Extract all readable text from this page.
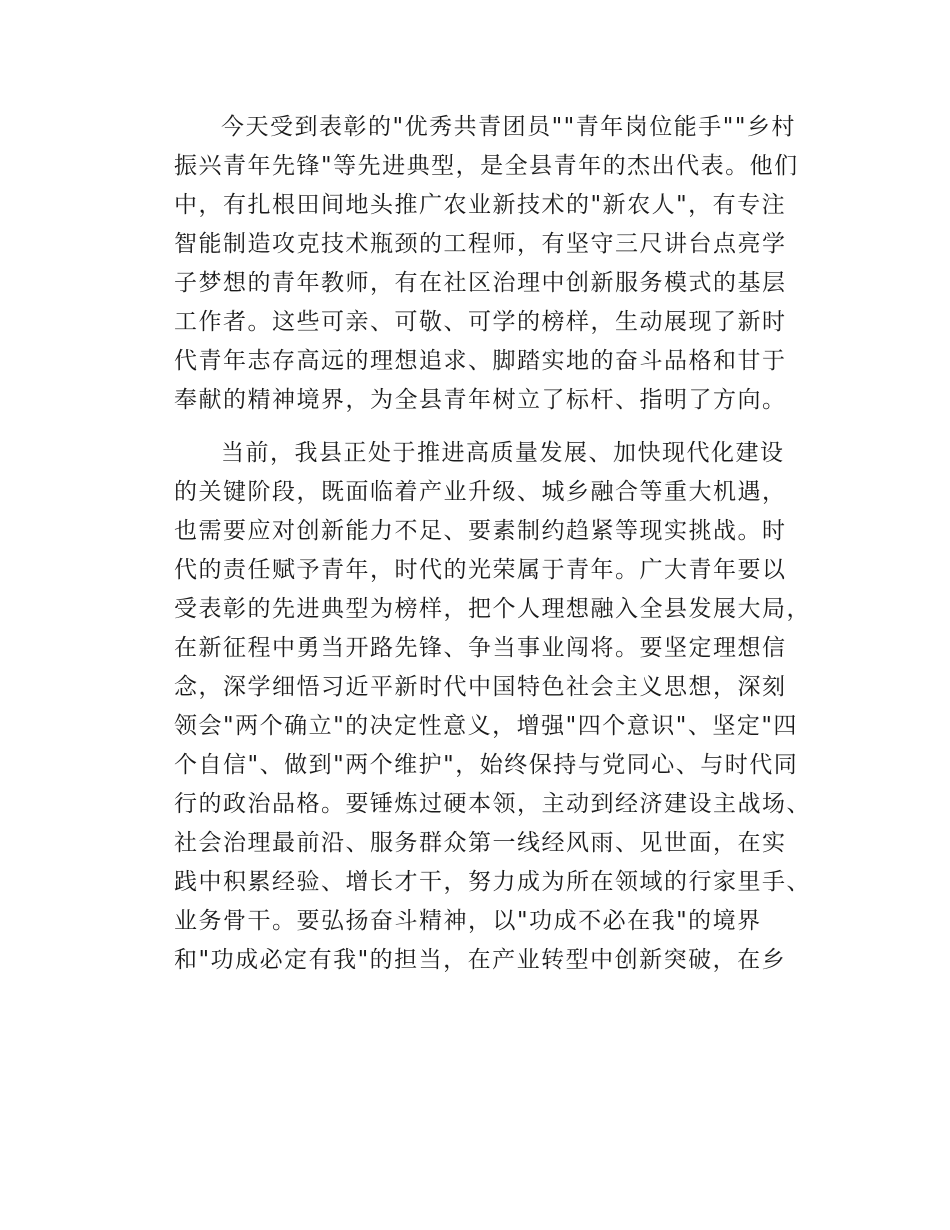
今天受到表彰的"优秀共青团员""青年岗位能手""乡村
振兴青年先锋"等先进典型，是全县青年的杰出代表。他们
中，有扎根田间地头推广农业新技术的"新农人"，有专注
智能制造攻克技术瓶颈的工程师，有坚守三尺讲台点亮学
子梦想的青年教师，有在社区治理中创新服务模式的基层
工作者。这些可亲、可敬、可学的榜样，生动展现了新时
代青年志存高远的理想追求、脚踏实地的奋斗品格和甘于
奉献的精神境界，为全县青年树立了标杆、指明了方向。
当前，我县正处于推进高质量发展、加快现代化建设
的关键阶段，既面临着产业升级、城乡融合等重大机遇，
也需要应对创新能力不足、要素制约趋紧等现实挑战。时
代的责任赋予青年，时代的光荣属于青年。广大青年要以
受表彰的先进典型为榜样，把个人理想融入全县发展大局，
在新征程中勇当开路先锋、争当事业闯将。要坚定理想信
念，深学细悟习近平新时代中国特色社会主义思想，深刻
领会"两个确立"的决定性意义，增强"四个意识"、坚定"四
个自信"、做到"两个维护"，始终保持与党同心、与时代同
行的政治品格。要锤炼过硬本领，主动到经济建设主战场、
社会治理最前沿、服务群众第一线经风雨、见世面，在实
践中积累经验、增长才干，努力成为所在领域的行家里手、
业务骨干。要弘扬奋斗精神，以"功成不必在我"的境界
和"功成必定有我"的担当，在产业转型中创新突破，在乡
